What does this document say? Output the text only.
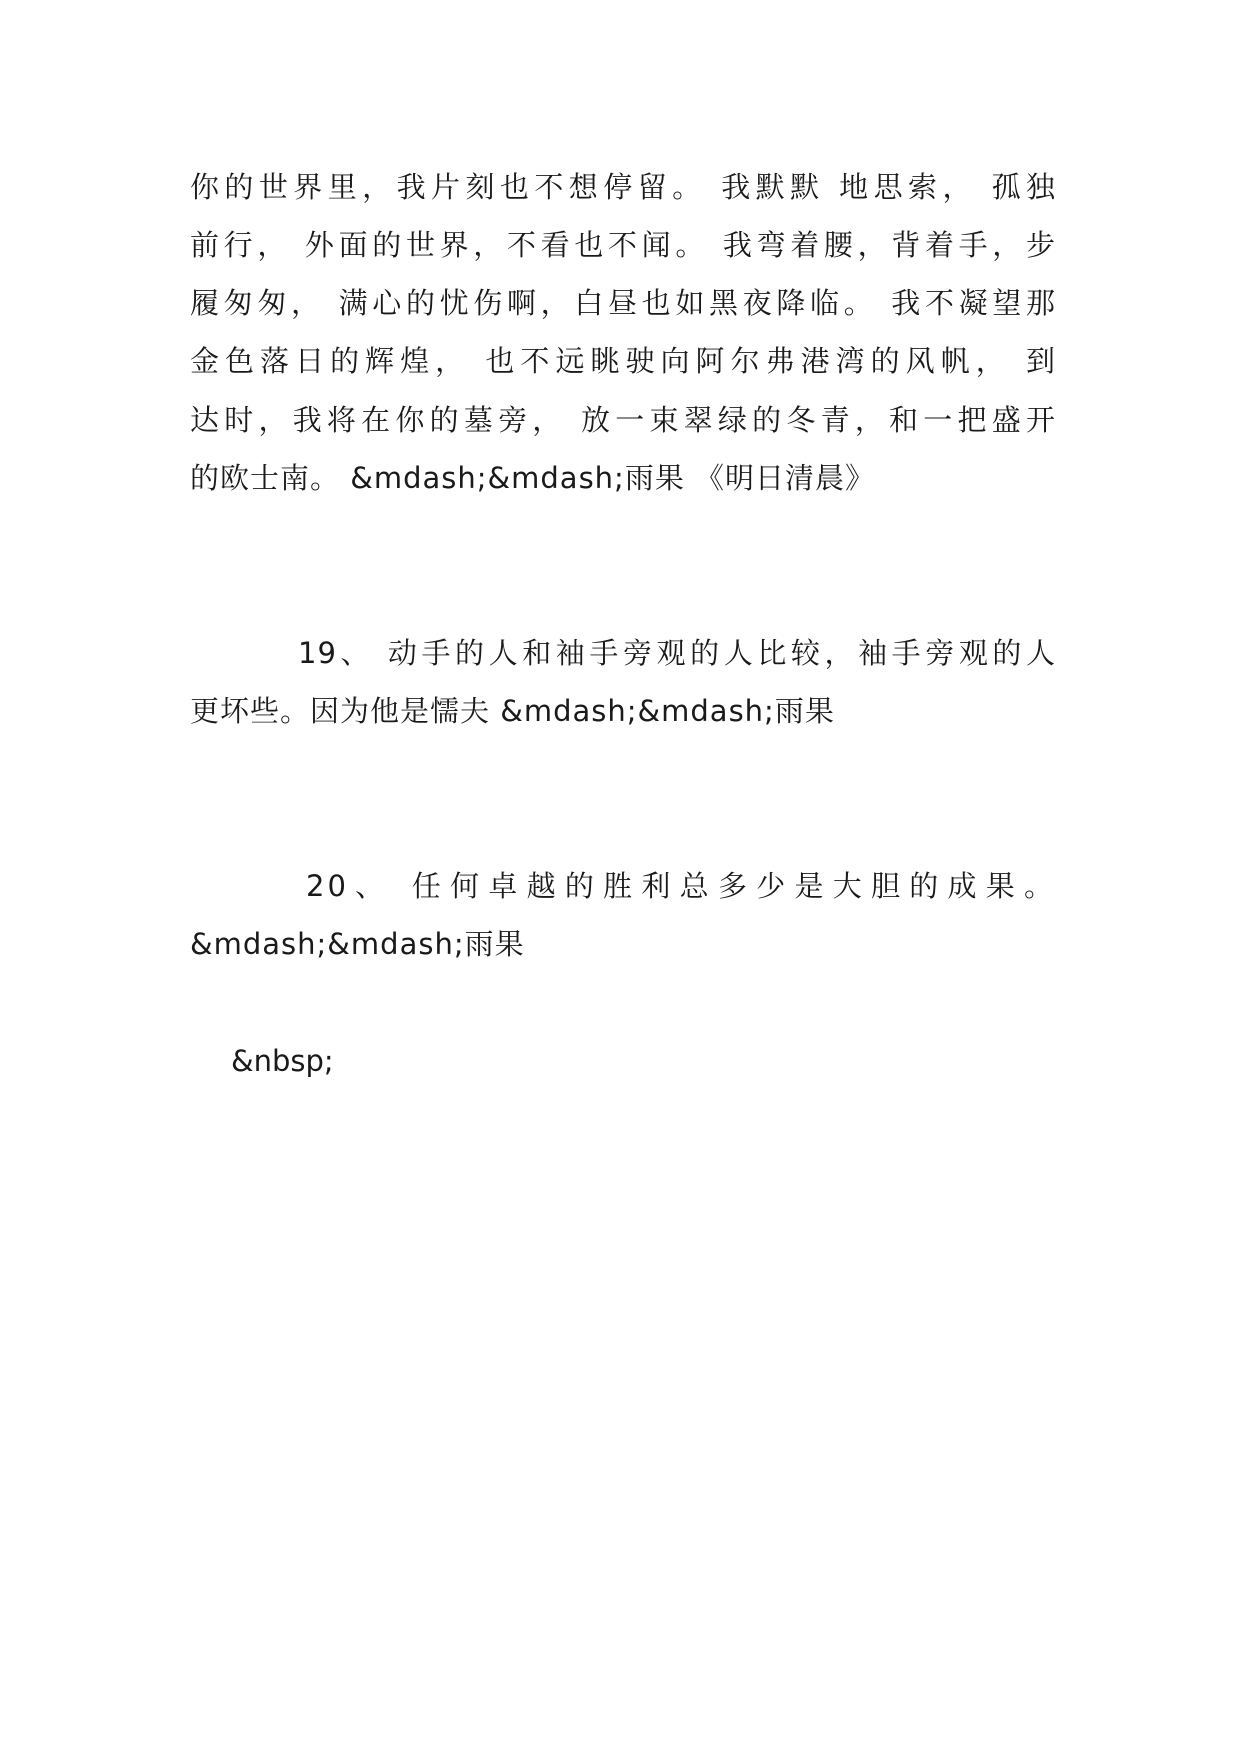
你的世界里，我片刻也不想停留。 我默默 地思索， 孤独
前行， 外面的世界，不看也不闻。 我弯着腰，背着手，步
履匆匆， 满心的忧伤啊，白昼也如黑夜降临。 我不凝望那
金色落日的辉煌， 也不远眺驶向阿尔弗港湾的风帆， 到
达时，我将在你的墓旁， 放一束翠绿的冬青，和一把盛开
的欧士南。 &mdash;&mdash;雨果 《明日清晨》
19、 动手的人和袖手旁观的人比较，袖手旁观的人
更坏些。因为他是懦夫 &mdash;&mdash;雨果
20、 任何卓越的胜利总多少是大胆的成果。
&mdash;&mdash;雨果
&nbsp;
